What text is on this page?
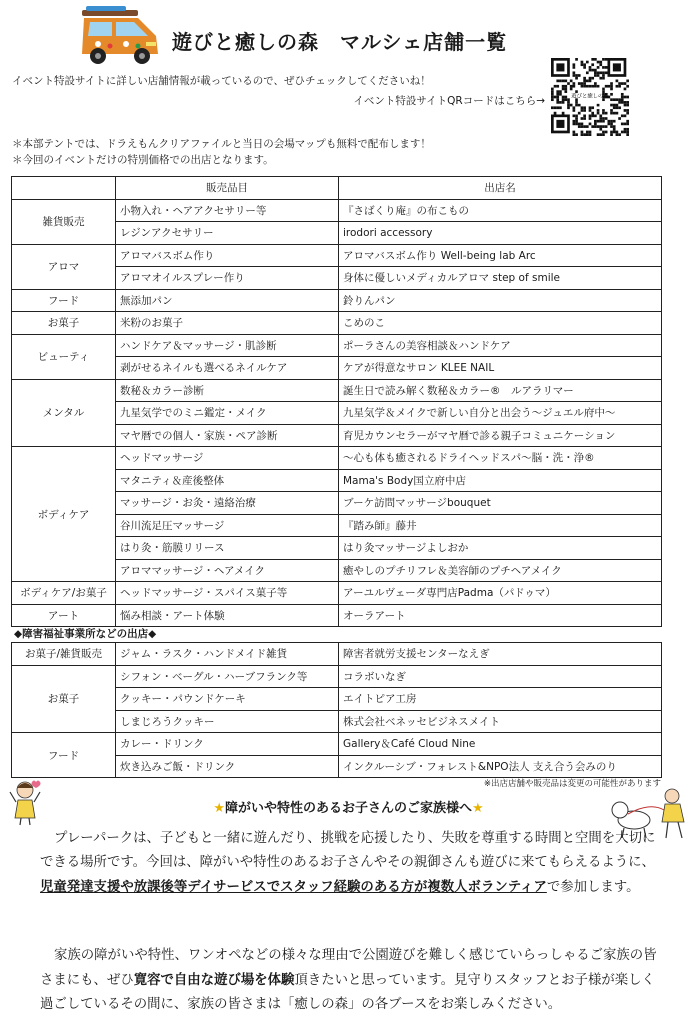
遊びと癒しの森　マルシェ店舗一覧
イベント特設サイトに詳しい店舗情報が載っているので、ぜひチェックしてくださいね！
イベント特設サイトQRコードはこちら→	遊びと癒しの森
＊本部テントでは、ドラえもんクリアファイルと当日の会場マップも無料で配布します！
＊今回のイベントだけの特別価格での出店となります。
	販売品目	出店名
雑貨販売	小物入れ・ヘアアクセサリー等	『さばくり庵』の布こもの
	レジンアクセサリー	irodori accessory
アロマ	アロマバスボム作り	アロマバスボム作り Well-being lab Arc
	アロマオイルスプレー作り	身体に優しいメディカルアロマ step of smile
フード	無添加パン	鈴りんパン
お菓子	米粉のお菓子	こめのこ
ビューティ	ハンドケア＆マッサージ・肌診断	ポーラさんの美容相談＆ハンドケア
	剥がせるネイルも選べるネイルケア	ケアが得意なサロン KLEE NAIL
メンタル	数秘＆カラー診断	誕生日で読み解く数秘＆カラー®　ルアラリマー
	九星気学でのミニ鑑定・メイク	九星気学＆メイクで新しい自分と出会う～ジュエル府中～
	マヤ暦での個人・家族・ペア診断	育児カウンセラーがマヤ暦で診る親子コミュニケーション
ボディケア	ヘッドマッサージ	～心も体も癒されるドライヘッドスパ～脳・洗・浄®
	マタニティ＆産後整体	Mama's Body国立府中店
	マッサージ・お灸・遠絡治療	ブーケ訪問マッサージbouquet
	谷川流足圧マッサージ	『踏み師』藤井
	はり灸・筋膜リリース	はり灸マッサージよしおか
	アロママッサージ・ヘアメイク	癒やしのプチリフレ＆美容師のプチヘアメイク
ボディケア/お菓子	ヘッドマッサージ・スパイス菓子等	アーユルヴェーダ専門店Padma（パドゥマ）
アート	悩み相談・アート体験	オーラアート
◆障害福祉事業所などの出店◆
お菓子/雑貨販売	ジャム・ラスク・ハンドメイド雑貨	障害者就労支援センターなえぎ
お菓子	シフォン・ベーグル・ハーブフランク等	コラボいなぎ
	クッキー・パウンドケーキ	エイトピア工房
	しまじろうクッキー	株式会社ベネッセビジネスメイト
フード	カレー・ドリンク	Gallery＆Café Cloud Nine
	炊き込みご飯・ドリンク	インクルーシブ・フォレスト&NPO法人 支え合う会みのり
※出店店舗や販売品は変更の可能性があります
★障がいや特性のあるお子さんのご家族様へ★
プレーパークは、子どもと一緒に遊んだり、挑戦を応援したり、失敗を尊重する時間と空間を大切にできる場所です。今回は、障がいや特性のあるお子さんやその親御さんも遊びに来てもらえるように、児童発達支援や放課後等デイサービスでスタッフ経験のある方が複数人ボランティアで参加します。
家族の障がいや特性、ワンオペなどの様々な理由で公園遊びを難しく感じていらっしゃるご家族の皆さまにも、ぜひ寛容で自由な遊び場を体験頂きたいと思っています。見守りスタッフとお子様が楽しく過ごしているその間に、家族の皆さまは「癒しの森」の各ブースをお楽しみください。
